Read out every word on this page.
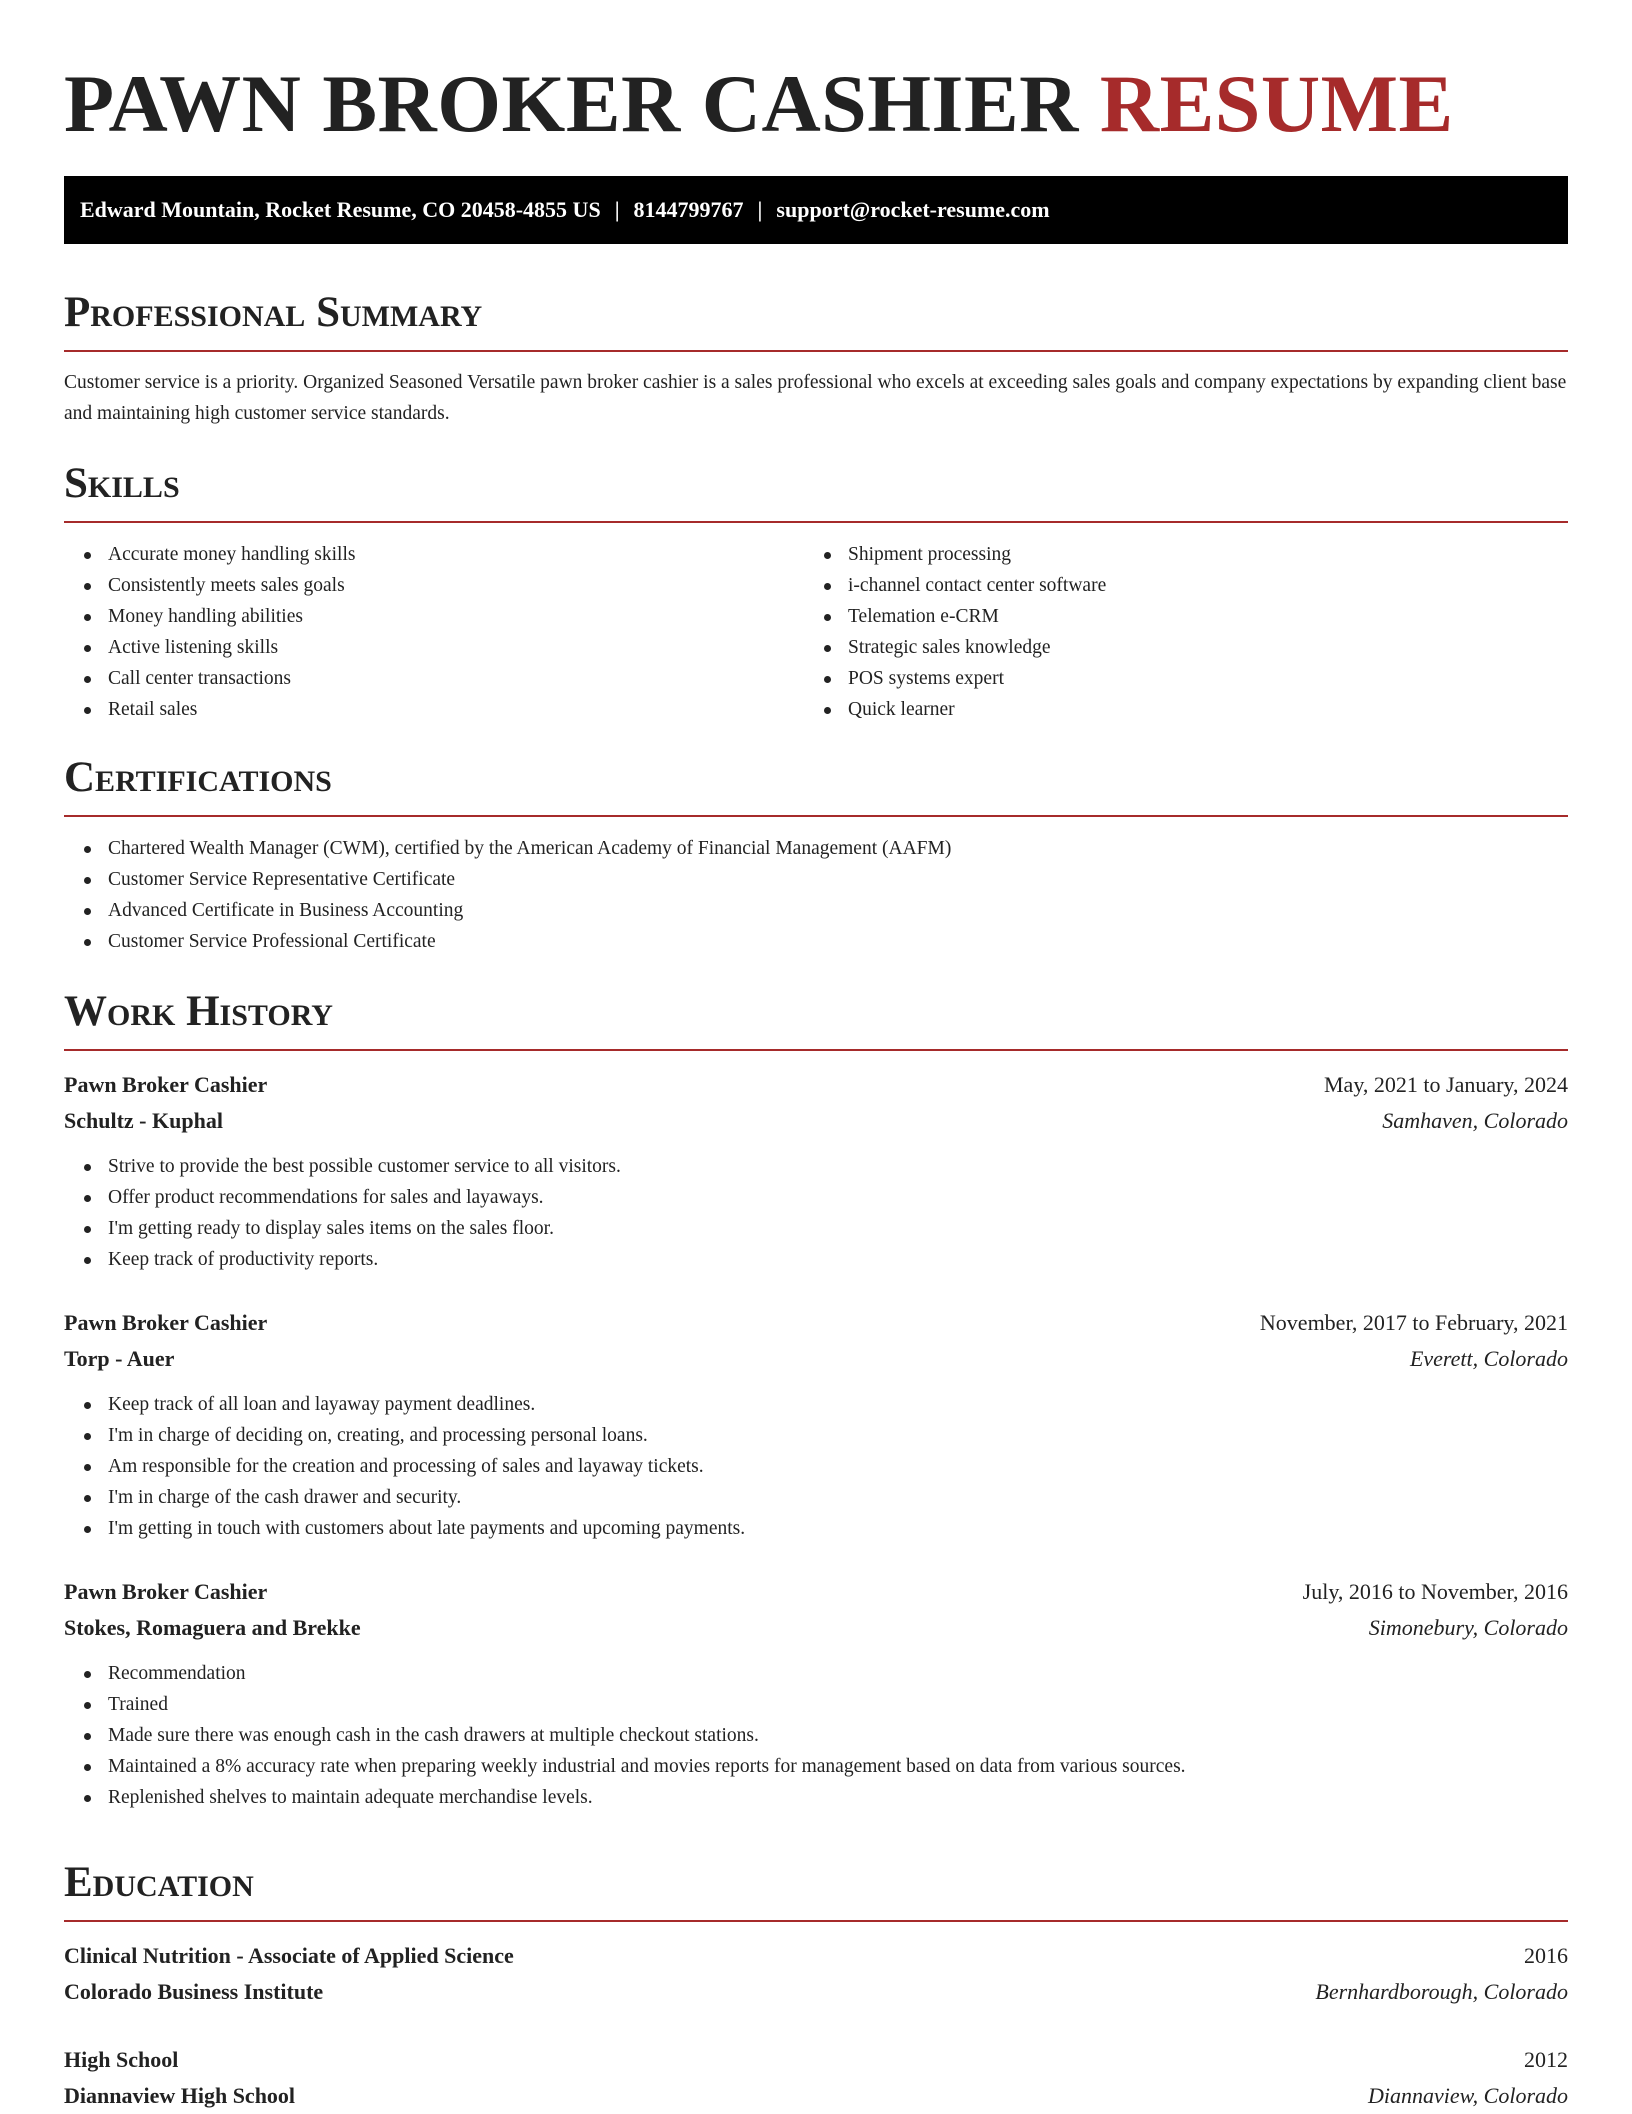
PAWN BROKER CASHIER RESUME
Edward Mountain, Rocket Resume, CO 20458-4855 US | 8144799767 | support@rocket-resume.com
Professional Summary

Customer service is a priority. Organized Seasoned Versatile pawn broker cashier is a sales professional who excels at exceeding sales goals and company expectations by expanding client base and maintaining high customer service standards.

Skills
Accurate money handling skills
Consistently meets sales goals
Money handling abilities
Active listening skills
Call center transactions
Retail sales
Shipment processing
i-channel contact center software
Telemation e-CRM
Strategic sales knowledge
POS systems expert
Quick learner
Certifications
Chartered Wealth Manager (CWM), certified by the American Academy of Financial Management (AAFM)
Customer Service Representative Certificate
Advanced Certificate in Business Accounting
Customer Service Professional Certificate
Work History
Pawn Broker Cashier	May, 2021 to January, 2024
Schultz - Kuphal	Samhaven, Colorado
Strive to provide the best possible customer service to all visitors.
Offer product recommendations for sales and layaways.
I'm getting ready to display sales items on the sales floor.
Keep track of productivity reports.
Pawn Broker Cashier	November, 2017 to February, 2021
Torp - Auer	Everett, Colorado
Keep track of all loan and layaway payment deadlines.
I'm in charge of deciding on, creating, and processing personal loans.
Am responsible for the creation and processing of sales and layaway tickets.
I'm in charge of the cash drawer and security.
I'm getting in touch with customers about late payments and upcoming payments.
Pawn Broker Cashier	July, 2016 to November, 2016
Stokes, Romaguera and Brekke	Simonebury, Colorado
Recommendation
Trained
Made sure there was enough cash in the cash drawers at multiple checkout stations.
Maintained a 8% accuracy rate when preparing weekly industrial and movies reports for management based on data from various sources.
Replenished shelves to maintain adequate merchandise levels.
Education
Clinical Nutrition - Associate of Applied Science	2016
Colorado Business Institute	Bernhardborough, Colorado
High School	2012
Diannaview High School	Diannaview, Colorado
